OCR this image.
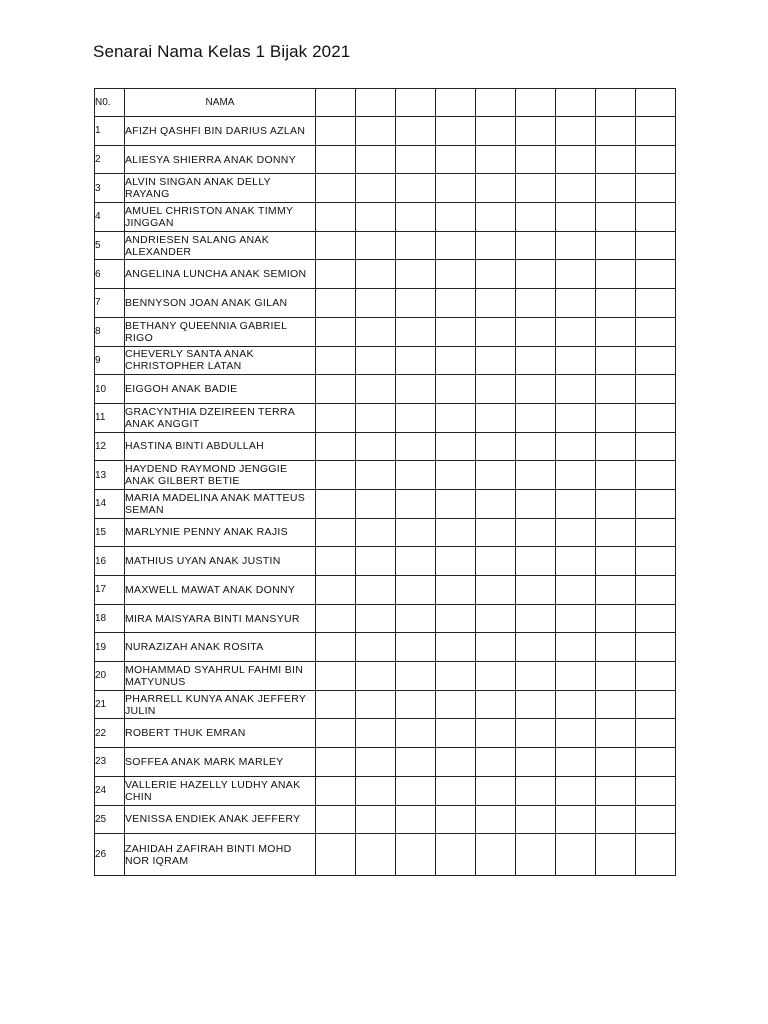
Senarai Nama Kelas 1 Bijak 2021
N0.	NAMA									
1	AFIZH QASHFI BIN DARIUS AZLAN									
2	ALIESYA SHIERRA ANAK DONNY									
3	ALVIN SINGAN ANAK DELLY RAYANG									
4	AMUEL CHRISTON ANAK TIMMY JINGGAN									
5	ANDRIESEN SALANG ANAK ALEXANDER									
6	ANGELINA LUNCHA ANAK SEMION									
7	BENNYSON JOAN ANAK GILAN									
8	BETHANY QUEENNIA GABRIEL RIGO									
9	CHEVERLY SANTA ANAK CHRISTOPHER LATAN									
10	EIGGOH ANAK BADIE									
11	GRACYNTHIA DZEIREEN TERRA ANAK ANGGIT									
12	HASTINA BINTI ABDULLAH									
13	HAYDEND RAYMOND JENGGIE ANAK GILBERT BETIE									
14	MARIA MADELINA ANAK MATTEUS SEMAN									
15	MARLYNIE PENNY ANAK RAJIS									
16	MATHIUS UYAN ANAK JUSTIN									
17	MAXWELL MAWAT ANAK DONNY									
18	MIRA MAISYARA BINTI MANSYUR									
19	NURAZIZAH ANAK ROSITA									
20	MOHAMMAD SYAHRUL FAHMI BIN MATYUNUS									
21	PHARRELL KUNYA ANAK JEFFERY JULIN									
22	ROBERT THUK EMRAN									
23	SOFFEA ANAK MARK MARLEY									
24	VALLERIE HAZELLY LUDHY ANAK CHIN									
25	VENISSA ENDIEK ANAK JEFFERY									
26	ZAHIDAH ZAFIRAH BINTI MOHD NOR IQRAM									
